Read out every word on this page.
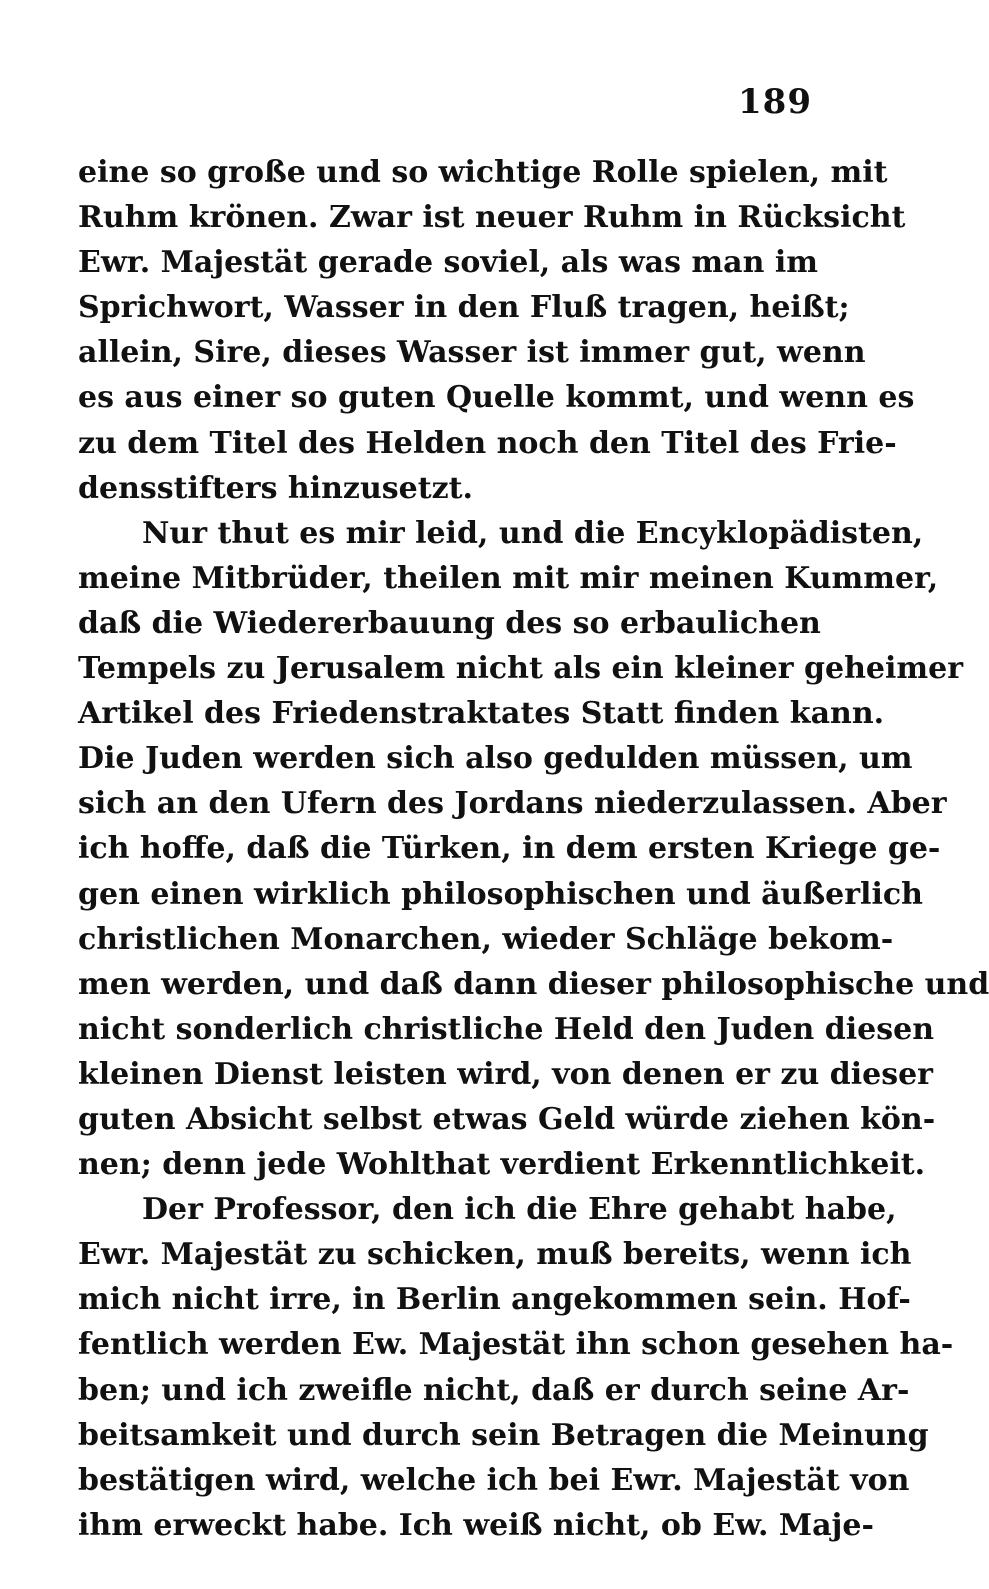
189
eine so große und so wichtige Rolle spielen, mit
Ruhm krönen. Zwar ist neuer Ruhm in Rücksicht
Ewr. Majestät gerade soviel, als was man im
Sprichwort, Wasser in den Fluß tragen, heißt;
allein, Sire, dieses Wasser ist immer gut, wenn
es aus einer so guten Quelle kommt, und wenn es
zu dem Titel des Helden noch den Titel des Frie-
densstifters hinzusetzt.
Nur thut es mir leid, und die Encyklopädisten,
meine Mitbrüder, theilen mit mir meinen Kummer,
daß die Wiedererbauung des so erbaulichen
Tempels zu Jerusalem nicht als ein kleiner geheimer
Artikel des Friedenstraktates Statt finden kann.
Die Juden werden sich also gedulden müssen, um
sich an den Ufern des Jordans niederzulassen. Aber
ich hoffe, daß die Türken, in dem ersten Kriege ge-
gen einen wirklich philosophischen und äußerlich
christlichen Monarchen, wieder Schläge bekom-
men werden, und daß dann dieser philosophische und
nicht sonderlich christliche Held den Juden diesen
kleinen Dienst leisten wird, von denen er zu dieser
guten Absicht selbst etwas Geld würde ziehen kön-
nen; denn jede Wohlthat verdient Erkenntlichkeit.
Der Professor, den ich die Ehre gehabt habe,
Ewr. Majestät zu schicken, muß bereits, wenn ich
mich nicht irre, in Berlin angekommen sein. Hof-
fentlich werden Ew. Majestät ihn schon gesehen ha-
ben; und ich zweifle nicht, daß er durch seine Ar-
beitsamkeit und durch sein Betragen die Meinung
bestätigen wird, welche ich bei Ewr. Majestät von
ihm erweckt habe. Ich weiß nicht, ob Ew. Maje-
